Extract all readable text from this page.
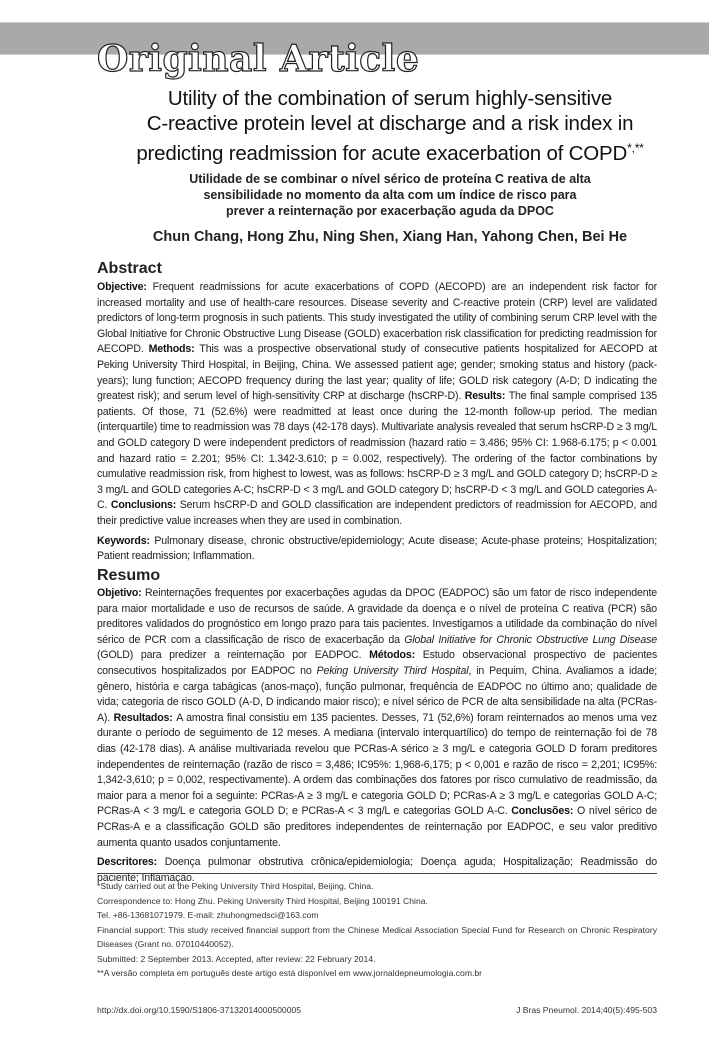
Original Article
Utility of the combination of serum highly-sensitive
C-reactive protein level at discharge and a risk index in
predicting readmission for acute exacerbation of COPD*,**
Utilidade de se combinar o nível sérico de proteína C reativa de alta
sensibilidade no momento da alta com um índice de risco para
prever a reinternação por exacerbação aguda da DPOC
Chun Chang, Hong Zhu, Ning Shen, Xiang Han, Yahong Chen, Bei He
Abstract

Objective: Frequent readmissions for acute exacerbations of COPD (AECOPD) are an independent risk factor for increased mortality and use of health-care resources. Disease severity and C-reactive protein (CRP) level are validated predictors of long-term prognosis in such patients. This study investigated the utility of combining serum CRP level with the Global Initiative for Chronic Obstructive Lung Disease (GOLD) exacerbation risk classification for predicting readmission for AECOPD. Methods: This was a prospective observational study of consecutive patients hospitalized for AECOPD at Peking University Third Hospital, in Beijing, China. We assessed patient age; gender; smoking status and history (pack-years); lung function; AECOPD frequency during the last year; quality of life; GOLD risk category (A-D; D indicating the greatest risk); and serum level of high-sensitivity CRP at discharge (hsCRP-D). Results: The final sample comprised 135 patients. Of those, 71 (52.6%) were readmitted at least once during the 12-month follow-up period. The median (interquartile) time to readmission was 78 days (42-178 days). Multivariate analysis revealed that serum hsCRP-D ≥ 3 mg/L and GOLD category D were independent predictors of readmission (hazard ratio = 3.486; 95% CI: 1.968-6.175; p < 0.001 and hazard ratio = 2.201; 95% CI: 1.342-3.610; p = 0.002, respectively). The ordering of the factor combinations by cumulative readmission risk, from highest to lowest, was as follows: hsCRP-D ≥ 3 mg/L and GOLD category D; hsCRP-D ≥ 3 mg/L and GOLD categories A-C; hsCRP-D < 3 mg/L and GOLD category D; hsCRP-D < 3 mg/L and GOLD categories A-C. Conclusions: Serum hsCRP-D and GOLD classification are independent predictors of readmission for AECOPD, and their predictive value increases when they are used in combination.

Keywords: Pulmonary disease, chronic obstructive/epidemiology; Acute disease; Acute-phase proteins; Hospitalization; Patient readmission; Inflammation.

Resumo

Objetivo: Reinternações frequentes por exacerbações agudas da DPOC (EADPOC) são um fator de risco independente para maior mortalidade e uso de recursos de saúde. A gravidade da doença e o nível de proteína C reativa (PCR) são preditores validados do prognóstico em longo prazo para tais pacientes. Investigamos a utilidade da combinação do nível sérico de PCR com a classificação de risco de exacerbação da Global Initiative for Chronic Obstructive Lung Disease (GOLD) para predizer a reinternação por EADPOC. Métodos: Estudo observacional prospectivo de pacientes consecutivos hospitalizados por EADPOC no Peking University Third Hospital, in Pequim, China. Avaliamos a idade; gênero, história e carga tabágicas (anos-maço), função pulmonar, frequência de EADPOC no último ano; qualidade de vida; categoria de risco GOLD (A-D, D indicando maior risco); e nível sérico de PCR de alta sensibilidade na alta (PCRas-A). Resultados: A amostra final consistiu em 135 pacientes. Desses, 71 (52,6%) foram reinternados ao menos uma vez durante o período de seguimento de 12 meses. A mediana (intervalo interquartílico) do tempo de reinternação foi de 78 dias (42-178 dias). A análise multivariada revelou que PCRas-A sérico ≥ 3 mg/L e categoria GOLD D foram preditores independentes de reinternação (razão de risco = 3,486; IC95%: 1,968-6,175; p < 0,001 e razão de risco = 2,201; IC95%: 1,342-3,610; p = 0,002, respectivamente). A ordem das combinações dos fatores por risco cumulativo de readmissão, da maior para a menor foi a seguinte: PCRas-A ≥ 3 mg/L e categoria GOLD D; PCRas-A ≥ 3 mg/L e categorias GOLD A-C; PCRas-A < 3 mg/L e categoria GOLD D; e PCRas-A < 3 mg/L e categorias GOLD A-C. Conclusões: O nível sérico de PCRas-A e a classificação GOLD são preditores independentes de reinternação por EADPOC, e seu valor preditivo aumenta quanto usados conjuntamente.

Descritores: Doença pulmonar obstrutiva crônica/epidemiologia; Doença aguda; Hospitalização; Readmissão do paciente; Inflamação.

*Study carried out at the Peking University Third Hospital, Beijing, China.
Correspondence to: Hong Zhu. Peking University Third Hospital, Beijing 100191 China.
Tel. +86-13681071979. E-mail: zhuhongmedsci@163.com
Financial support: This study received financial support from the Chinese Medical Association Special Fund for Research on Chronic Respiratory Diseases (Grant no. 07010440052).
Submitted: 2 September 2013. Accepted, after review: 22 February 2014.
**A versão completa em português deste artigo está disponível em www.jornaldepneumologia.com.br
http://dx.doi.org/10.1590/S1806-37132014000500005	J Bras Pneumol. 2014;40(5):495-503
